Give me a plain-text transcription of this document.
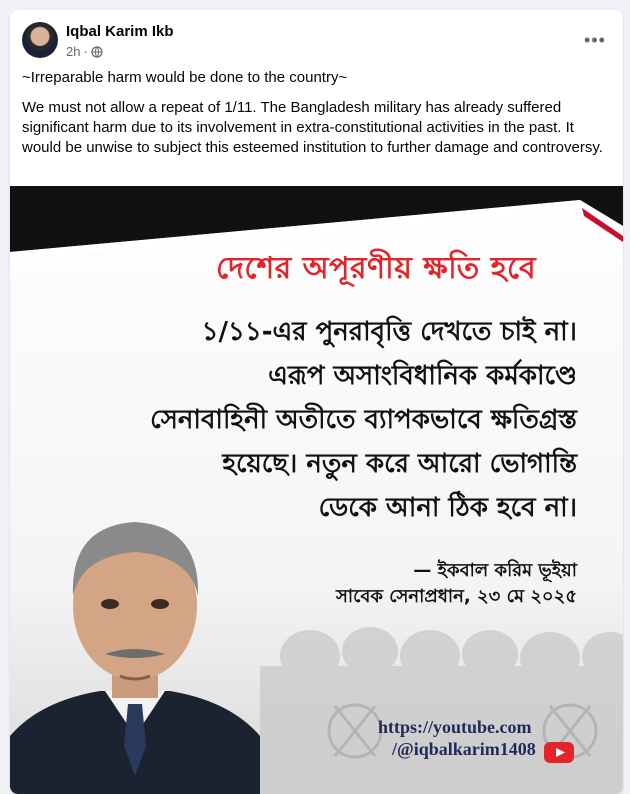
Iqbal Karim Ikb
2h ·
•••

~Irreparable harm would be done to the country~

We must not allow a repeat of 1/11. The Bangladesh military has already suffered significant harm due to its involvement in extra-constitutional activities in the past. It would be unwise to subject this esteemed institution to further damage and controversy.

দেশের অপূরণীয় ক্ষতি হবে
১/১১-এর পুনরাবৃত্তি দেখতে চাই না।
এরূপ অসাংবিধানিক কর্মকাণ্ডে
সেনাবাহিনী অতীতে ব্যাপকভাবে ক্ষতিগ্রস্ত
হয়েছে। নতুন করে আরো ভোগান্তি
ডেকে আনা ঠিক হবে না।
— ইকবাল করিম ভূইয়া
সাবেক সেনাপ্রধান, ২৩ মে ২০২৫
https://youtube.com
/@iqbalkarim1408
